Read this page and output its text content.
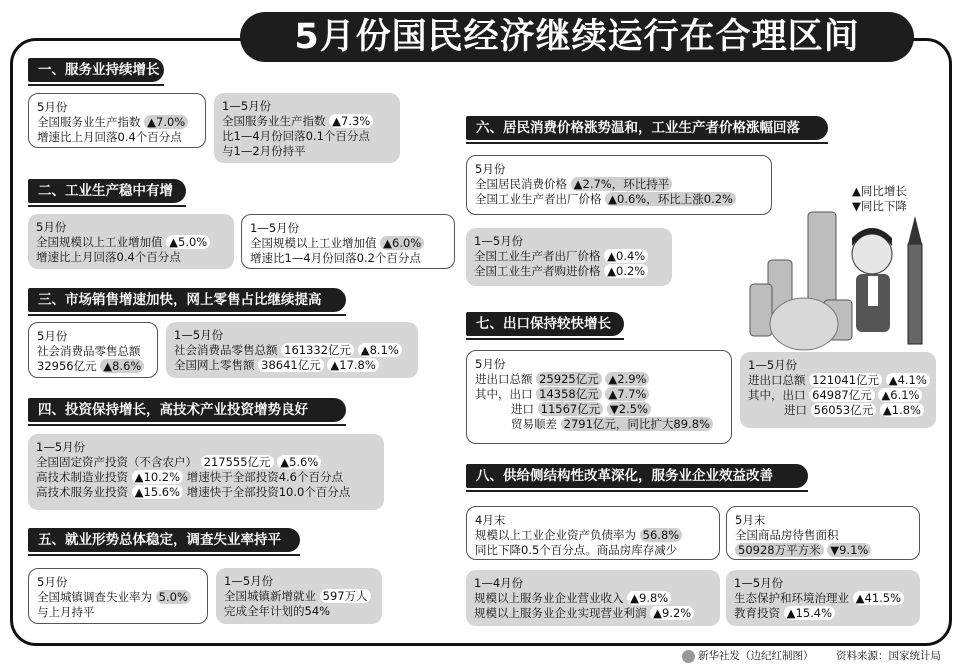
5月份国民经济继续运行在合理区间
一、服务业持续增长
5月份
全国服务业生产指数 ▲7.0%
增速比上月回落0.4个百分点
1—5月份
全国服务业生产指数 ▲7.3%
比1—4月份回落0.1个百分点
与1—2月份持平
二、工业生产稳中有增
5月份
全国规模以上工业增加值 ▲5.0%
增速比上月回落0.4个百分点
1—5月份
全国规模以上工业增加值 ▲6.0%
增速比1—4月份回落0.2个百分点
三、市场销售增速加快，网上零售占比继续提高
5月份
社会消费品零售总额
32956亿元 ▲8.6%
1—5月份
社会消费品零售总额 161332亿元 ▲8.1%
全国网上零售额 38641亿元 ▲17.8%
四、投资保持增长，高技术产业投资增势良好
1—5月份
全国固定资产投资（不含农户） 217555亿元 ▲5.6%
高技术制造业投资 ▲10.2% 增速快于全部投资4.6个百分点
高技术服务业投资 ▲15.6% 增速快于全部投资10.0个百分点
五、就业形势总体稳定，调查失业率持平
5月份
全国城镇调查失业率为 5.0%
与上月持平
1—5月份
全国城镇新增就业 597万人
完成全年计划的54%
六、居民消费价格涨势温和，工业生产者价格涨幅回落
5月份
全国居民消费价格 ▲2.7%，环比持平
全国工业生产者出厂价格 ▲0.6%，环比上涨0.2%
1—5月份
全国工业生产者出厂价格 ▲0.4%
全国工业生产者购进价格 ▲0.2%
▲同比增长
▼同比下降
七、出口保持较快增长
5月份
进出口总额 25925亿元 ▲2.9%
其中，出口 14358亿元 ▲7.7%
进口 11567亿元 ▼2.5%
贸易顺差 2791亿元，同比扩大89.8%
1—5月份
进出口总额 121041亿元 ▲4.1%
其中，出口 64987亿元 ▲6.1%
进口 56053亿元 ▲1.8%
八、供给侧结构性改革深化，服务业企业效益改善
4月末
规模以上工业企业资产负债率为 56.8%
同比下降0.5个百分点。商品房库存减少
5月末
全国商品房待售面积
50928万平方米 ▼9.1%
1—4月份
规模以上服务业企业营业收入 ▲9.8%
规模以上服务业企业实现营业利润 ▲9.2%
1—5月份
生态保护和环境治理业 ▲41.5%
教育投资 ▲15.4%
新华社发（边纪红制图） 资料来源：国家统计局
